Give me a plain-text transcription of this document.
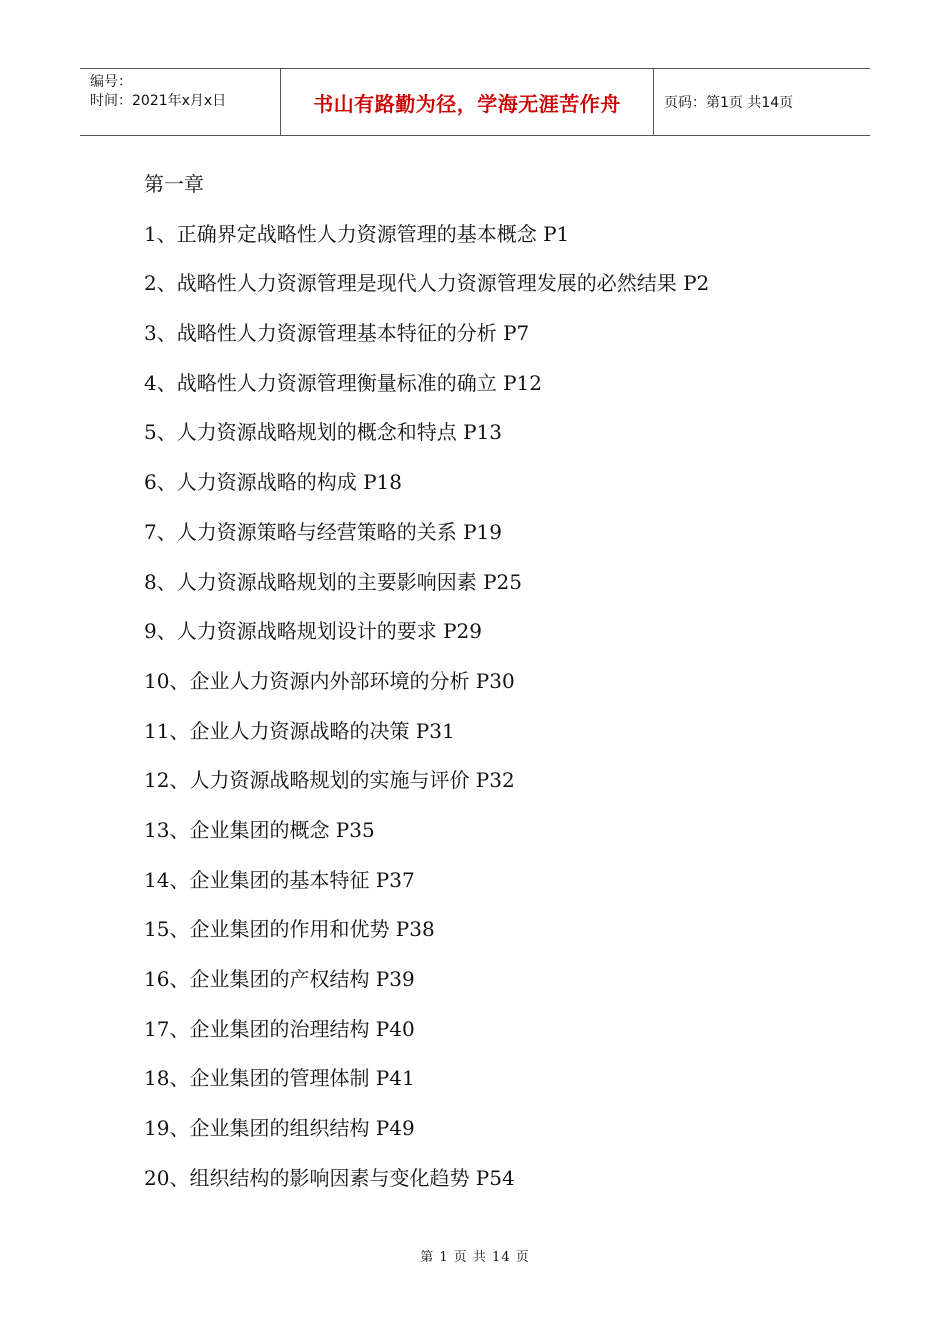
编号：
时间：2021年x月x日	书山有路勤为径，学海无涯苦作舟	页码：第1页 共14页
第一章
1、正确界定战略性人力资源管理的基本概念 P1
2、战略性人力资源管理是现代人力资源管理发展的必然结果 P2
3、战略性人力资源管理基本特征的分析 P7
4、战略性人力资源管理衡量标准的确立 P12
5、人力资源战略规划的概念和特点 P13
6、人力资源战略的构成 P18
7、人力资源策略与经营策略的关系 P19
8、人力资源战略规划的主要影响因素 P25
9、人力资源战略规划设计的要求 P29
10、企业人力资源内外部环境的分析 P30
11、企业人力资源战略的决策 P31
12、人力资源战略规划的实施与评价 P32
13、企业集团的概念 P35
14、企业集团的基本特征 P37
15、企业集团的作用和优势 P38
16、企业集团的产权结构 P39
17、企业集团的治理结构 P40
18、企业集团的管理体制 P41
19、企业集团的组织结构 P49
20、组织结构的影响因素与变化趋势 P54
第 1 页 共 14 页
